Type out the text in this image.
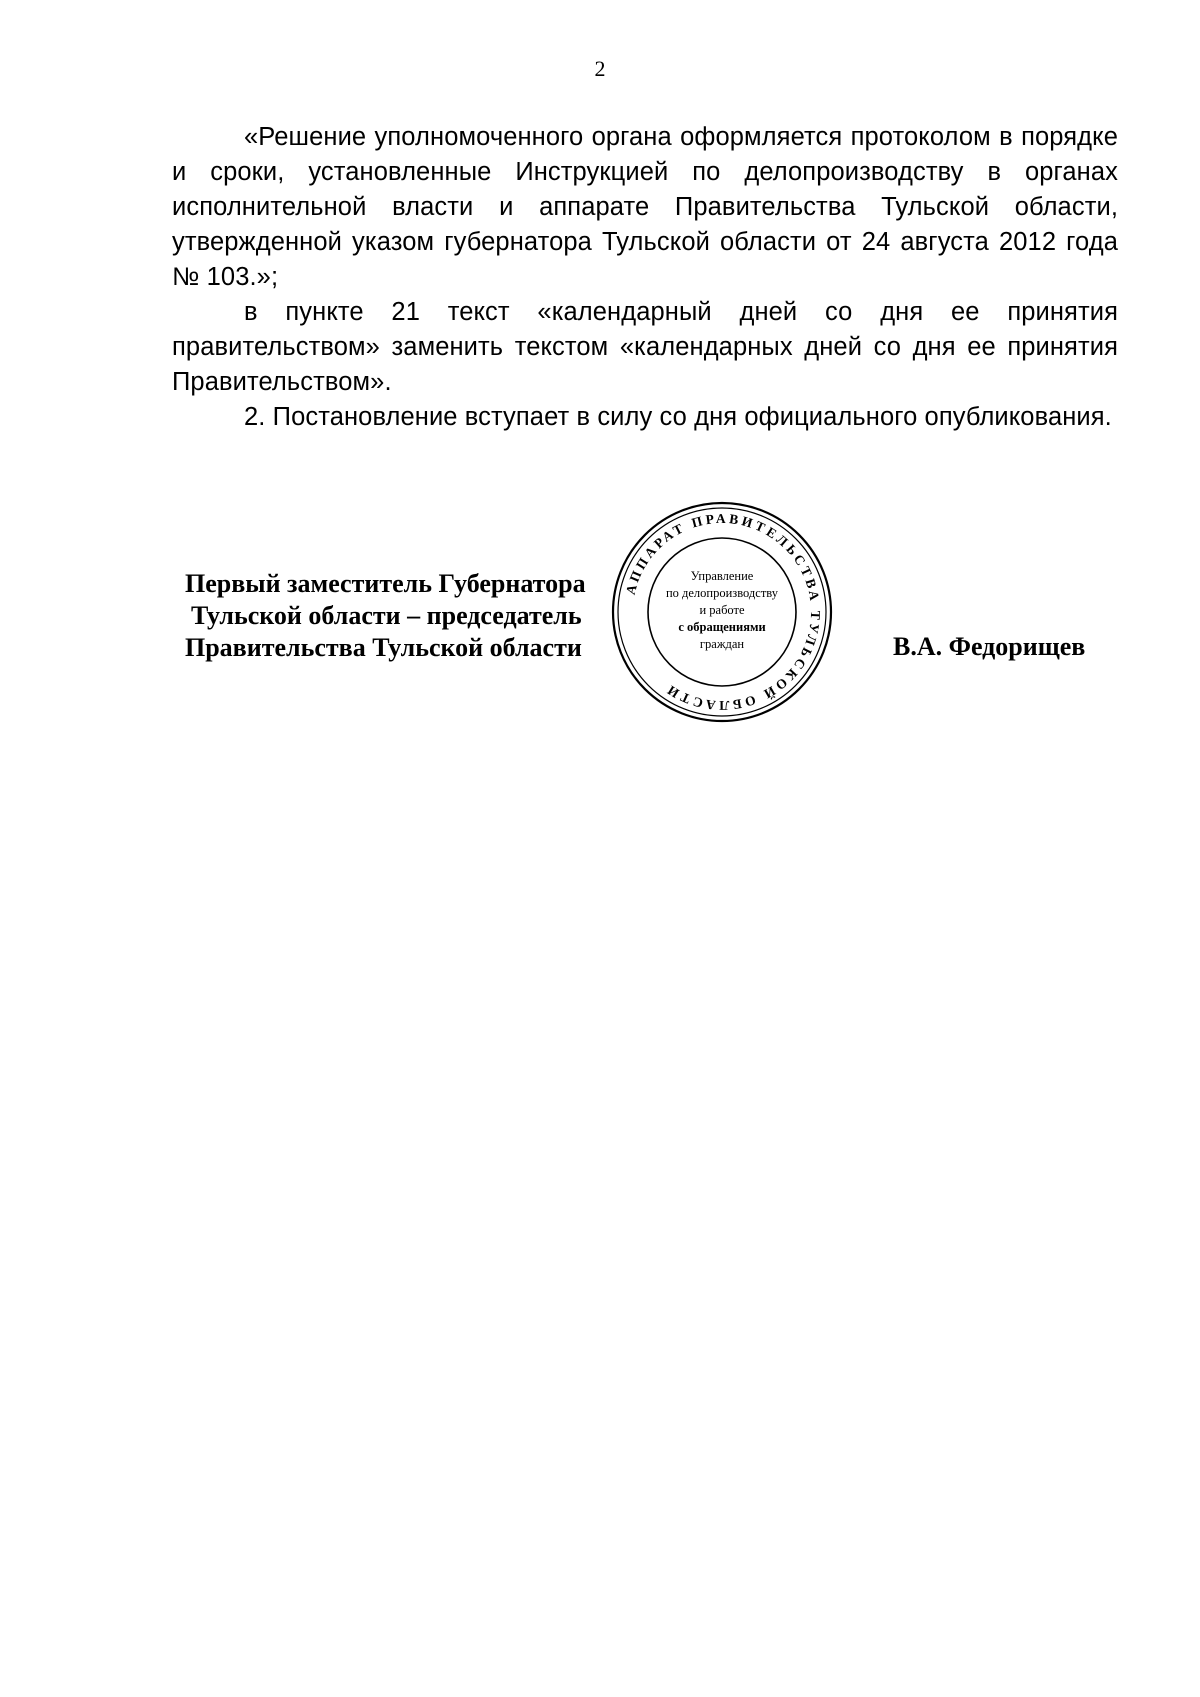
2

«Решение уполномоченного органа оформляется протоколом в порядке и сроки, установленные Инструкцией по делопроизводству в органах исполнительной власти и аппарате Правительства Тульской области, утвержденной указом губернатора Тульской области от 24 августа 2012 года № 103.»;

в пункте 21 текст «календарный дней со дня ее принятия правительством» заменить текстом «календарных дней со дня ее принятия Правительством».

2. Постановление вступает в силу со дня официального опубликования.

Первый заместитель Губернатора
Тульской области – председатель
Правительства Тульской области	В.А. Федорищев
АППАРАТ ПРАВИТЕЛЬСТВА ТУЛЬСКОЙ ОБЛАСТИ
Управление
по делопроизводству
и работе
с обращениями
граждан
